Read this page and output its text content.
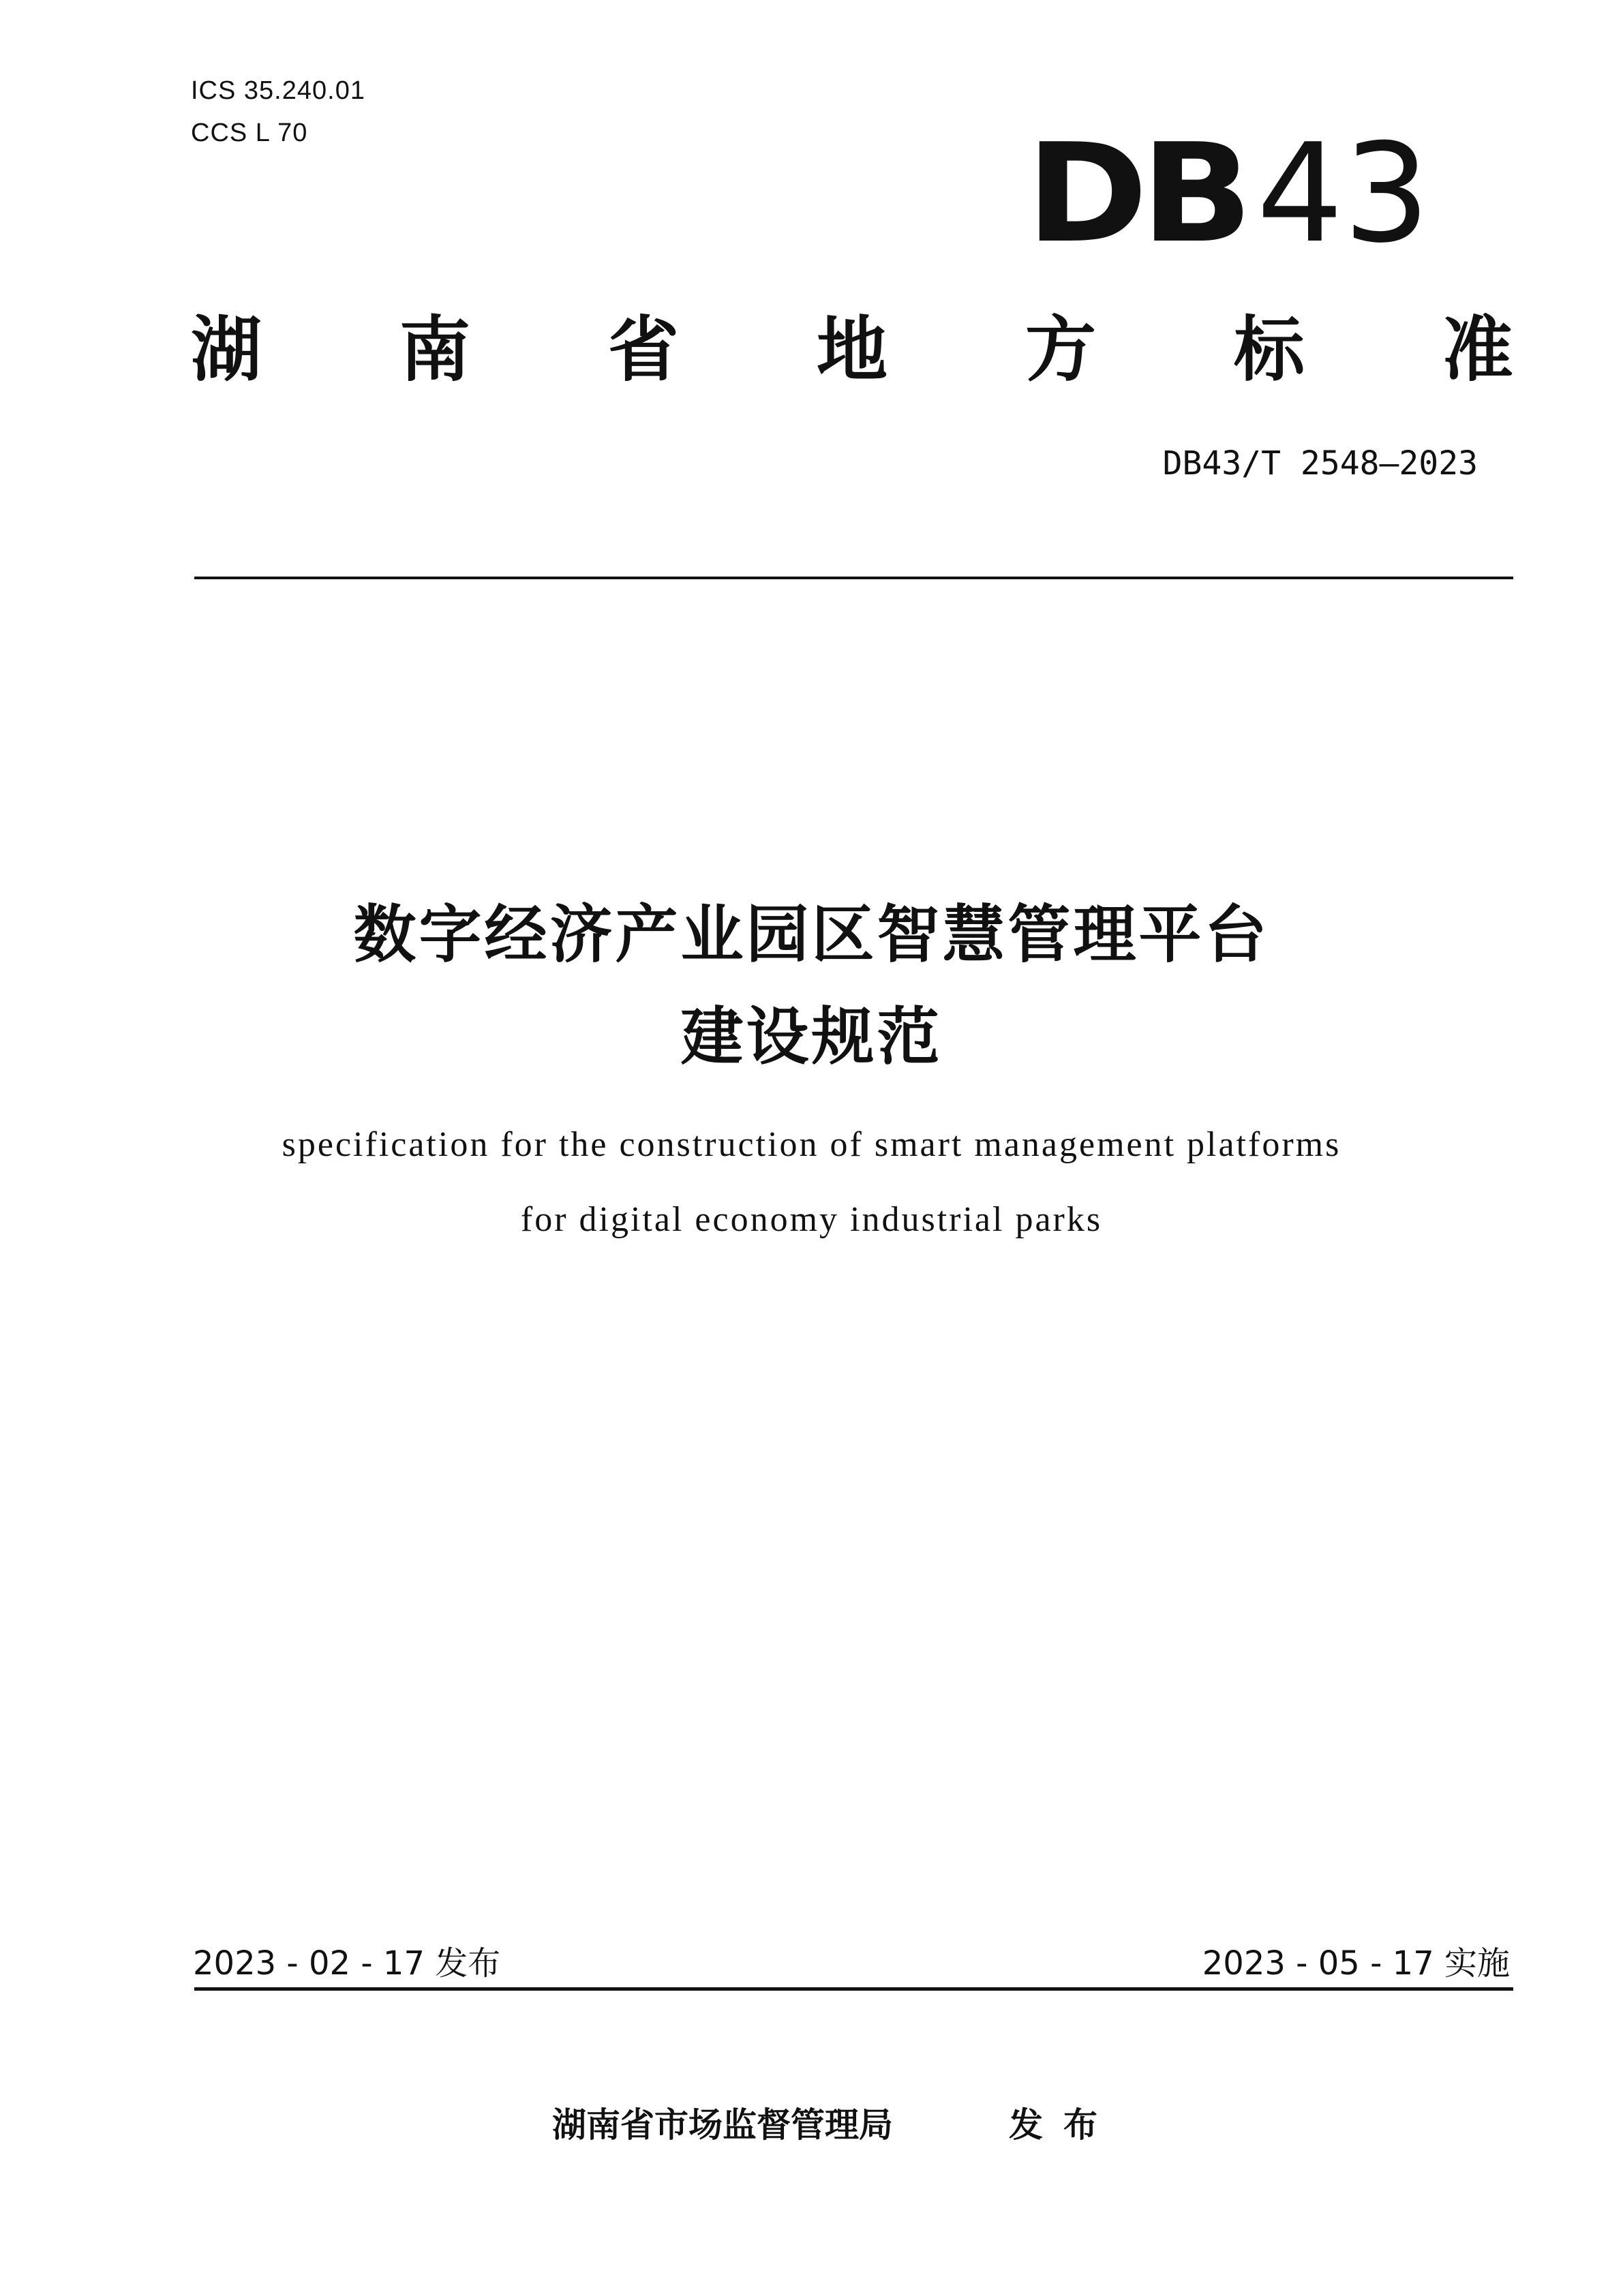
ICS 35.240.01
CCS L 70	DB43
湖 南 省 地 方 标 准
DB43/T 2548—2023
数字经济产业园区智慧管理平台
建设规范
specification for the construction of smart management platforms
for digital economy industrial parks
2023 - 02 - 17 发布	2023 - 05 - 17 实施
湖南省市场监督管理局	发布
